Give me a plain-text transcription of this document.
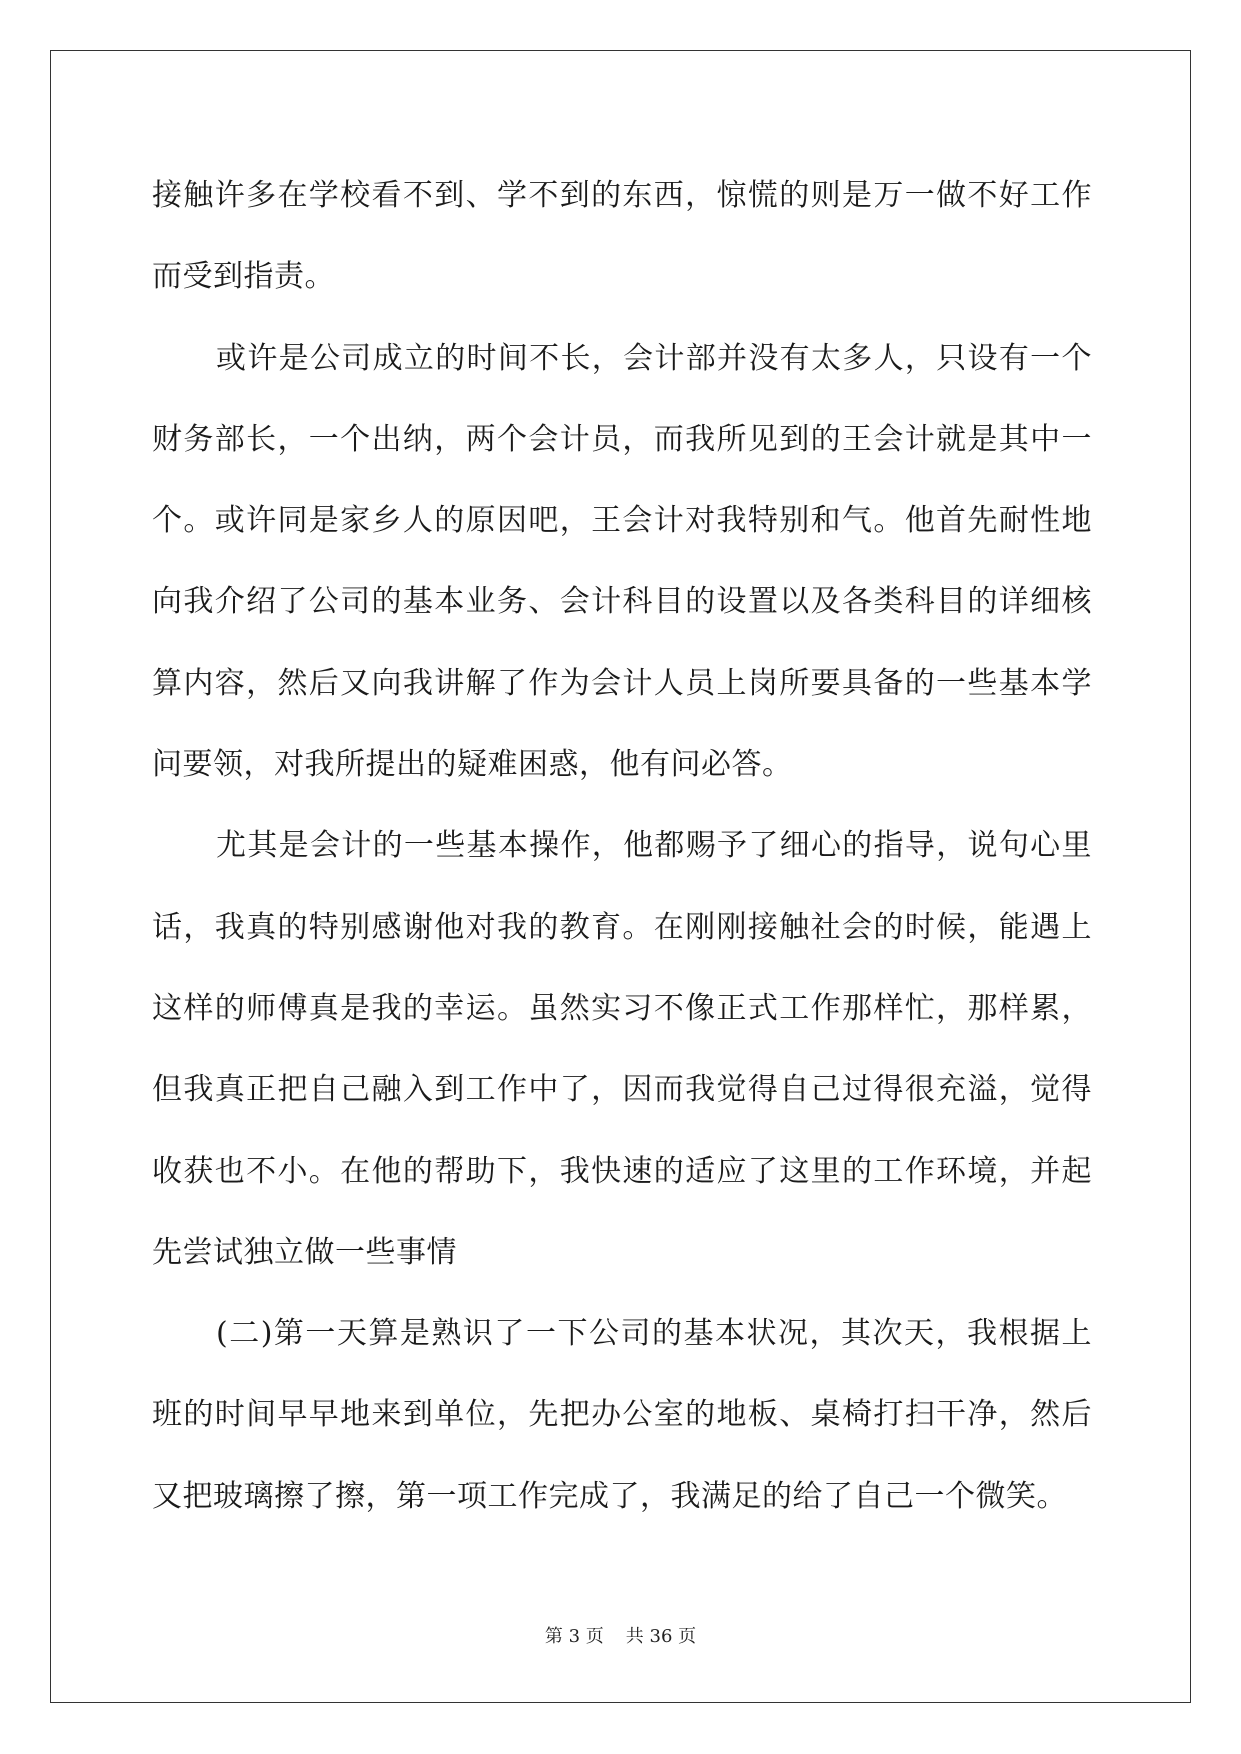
接触许多在学校看不到、学不到的东西，惊慌的则是万一做不好工作
而受到指责。

或许是公司成立的时间不长，会计部并没有太多人，只设有一个
财务部长，一个出纳，两个会计员，而我所见到的王会计就是其中一
个。或许同是家乡人的原因吧，王会计对我特别和气。他首先耐性地
向我介绍了公司的基本业务、会计科目的设置以及各类科目的详细核
算内容，然后又向我讲解了作为会计人员上岗所要具备的一些基本学
问要领，对我所提出的疑难困惑，他有问必答。

尤其是会计的一些基本操作，他都赐予了细心的指导，说句心里
话，我真的特别感谢他对我的教育。在刚刚接触社会的时候，能遇上
这样的师傅真是我的幸运。虽然实习不像正式工作那样忙，那样累，
但我真正把自己融入到工作中了，因而我觉得自己过得很充溢，觉得
收获也不小。在他的帮助下，我快速的适应了这里的工作环境，并起
先尝试独立做一些事情

(二)第一天算是熟识了一下公司的基本状况，其次天，我根据上
班的时间早早地来到单位，先把办公室的地板、桌椅打扫干净，然后
又把玻璃擦了擦，第一项工作完成了，我满足的给了自己一个微笑。

第 3 页 共 36 页
